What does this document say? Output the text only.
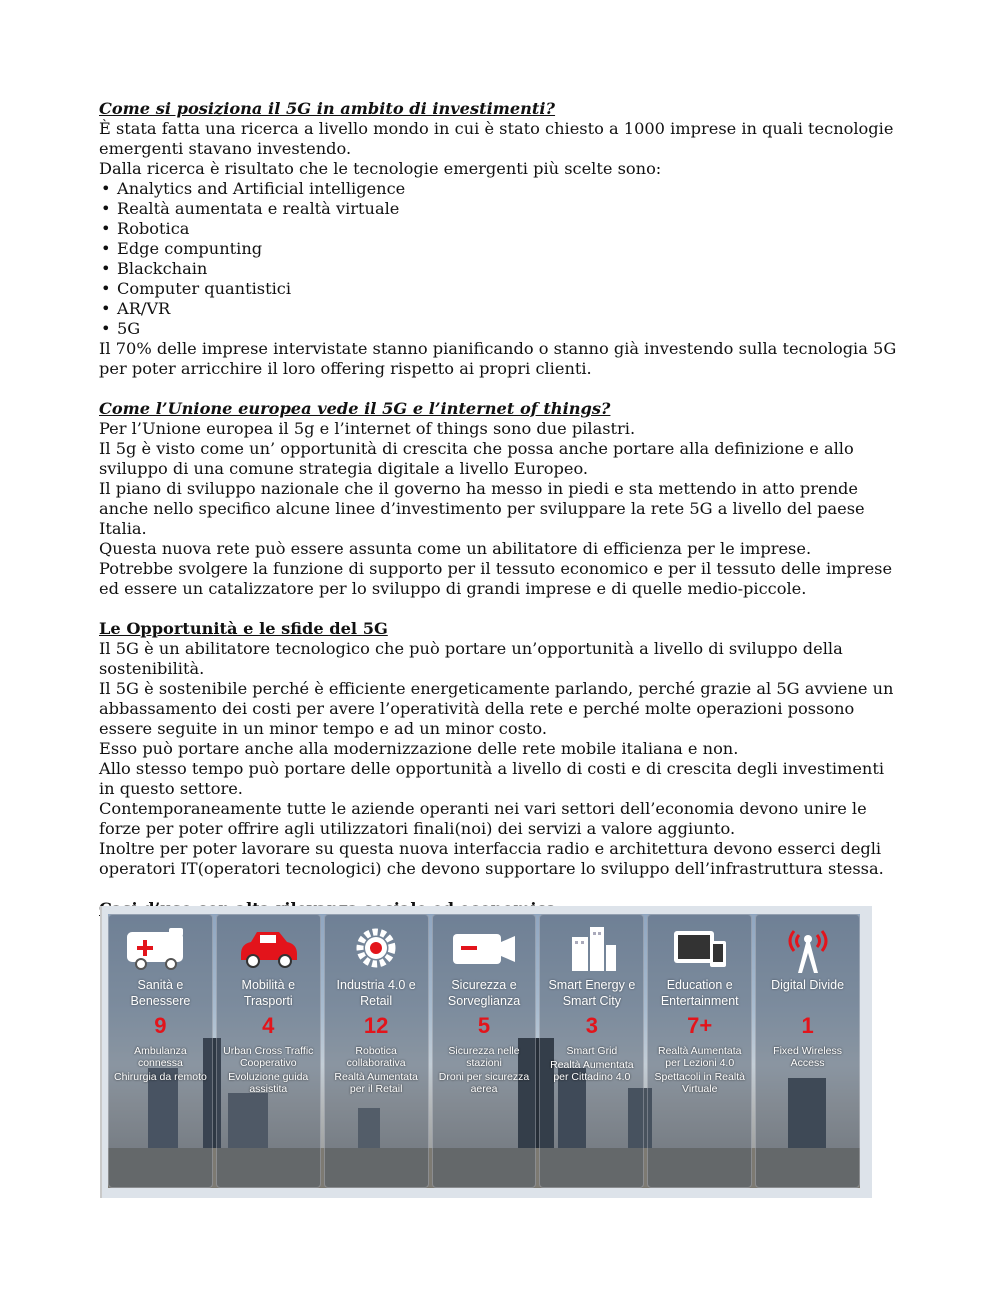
Come si posiziona il 5G in ambito di investimenti?

È stata fatta una ricerca a livello mondo in cui è stato chiesto a 1000 imprese in quali tecnologie emergenti stavano investendo.

Dalla ricerca è risultato che le tecnologie emergenti più scelte sono:

• Analytics and Artificial intelligence
• Realtà aumentata e realtà virtuale
• Robotica
• Edge compunting
• Blackchain
• Computer quantistici
• AR/VR
• 5G

Il 70% delle imprese intervistate stanno pianificando o stanno già investendo sulla tecnologia 5G per poter arricchire il loro offering rispetto ai propri clienti.

Come l’Unione europea vede il 5G e l’internet of things?

Per l’Unione europea il 5g e l’internet of things sono due pilastri.

Il 5g è visto come un’ opportunità di crescita che possa anche portare alla definizione e allo sviluppo di una comune strategia digitale a livello Europeo.

Il piano di sviluppo nazionale che il governo ha messo in piedi e sta mettendo in atto prende anche nello specifico alcune linee d’investimento per sviluppare la rete 5G a livello del paese Italia.

Questa nuova rete può essere assunta come un abilitatore di efficienza per le imprese.

Potrebbe svolgere la funzione di supporto per il tessuto economico e per il tessuto delle imprese ed essere un catalizzatore per lo sviluppo di grandi imprese e di quelle medio-piccole.

Le Opportunità e le sfide del 5G

Il 5G è un abilitatore tecnologico che può portare un’opportunità a livello di sviluppo della sostenibilità.

Il 5G è sostenibile perché è efficiente energeticamente parlando, perché grazie al 5G avviene un abbassamento dei costi per avere l’operatività della rete e perché molte operazioni possono essere seguite in un minor tempo e ad un minor costo.

Esso può portare anche alla modernizzazione delle rete mobile italiana e non.

Allo stesso tempo può portare delle opportunità a livello di costi e di crescita degli investimenti in questo settore.

Contemporaneamente tutte le aziende operanti nei vari settori dell’economia devono unire le forze per poter offrire agli utilizzatori finali(noi) dei servizi a valore aggiunto.

Inoltre per poter lavorare su questa nuova interfaccia radio e architettura devono esserci degli operatori IT(operatori tecnologici) che devono supportare lo sviluppo dell’infrastruttura stessa.

Sanità e Benessere
9
Ambulanza connessa
Chirurgia da remoto
Mobilità e Trasporti
4
Urban Cross Traffic Cooperativo
Evoluzione guida assistita
Industria 4.0 e Retail
12
Robotica collaborativa
Realtà Aumentata per il Retail
Sicurezza e Sorveglianza
5
Sicurezza nelle stazioni
Droni per sicurezza aerea
Smart Energy e Smart City
3
Smart Grid
Realtà Aumentata per Cittadino 4.0
Education e Entertainment
7+
Realtà Aumentata per Lezioni 4.0
Spettacoli in Realtà Virtuale
Digital Divide
1
Fixed Wireless Access
